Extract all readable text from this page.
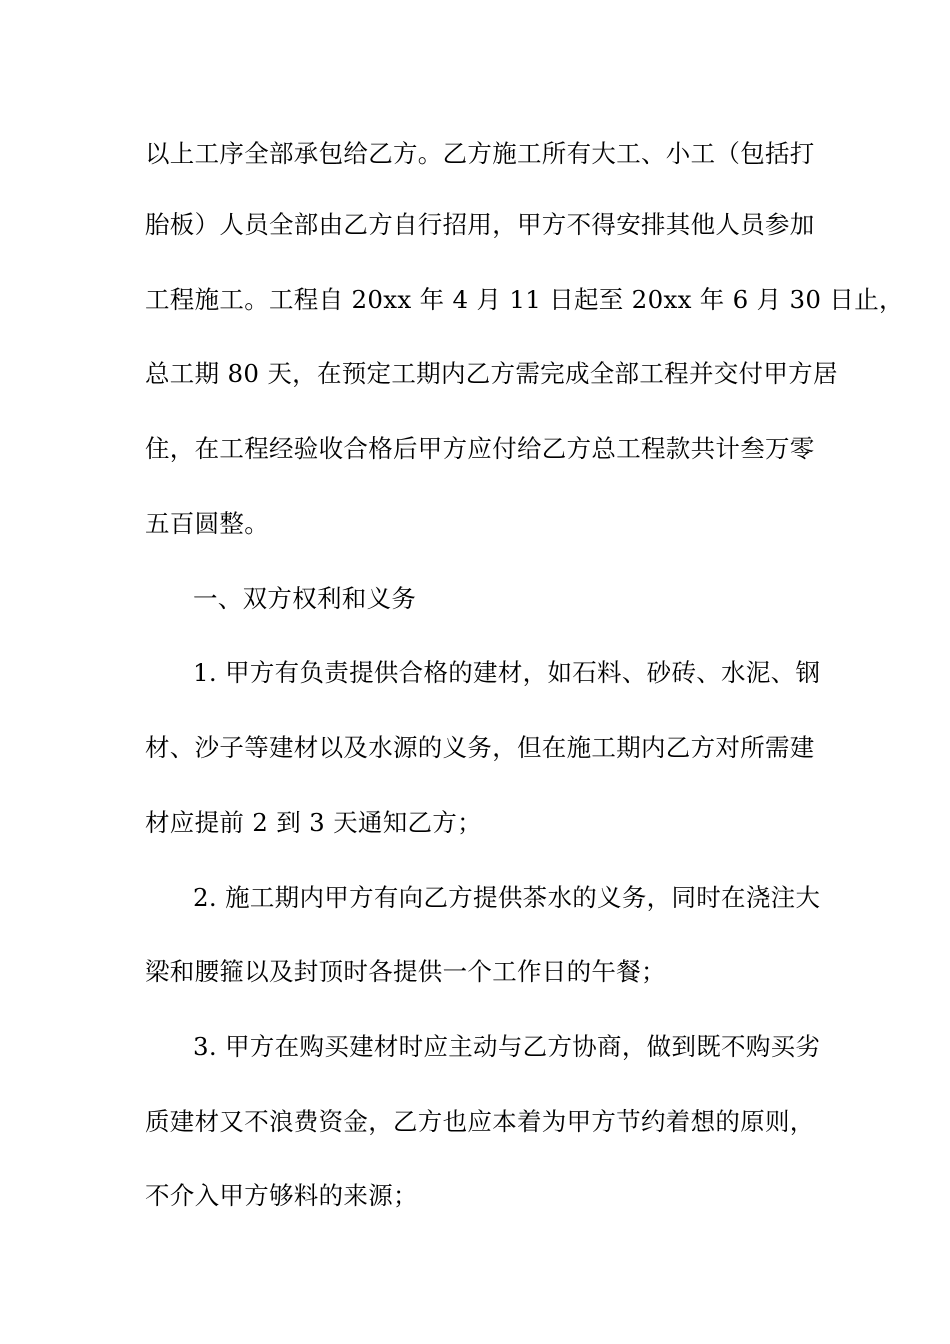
以上工序全部承包给乙方。乙方施工所有大工、小工（包括打
胎板）人员全部由乙方自行招用，甲方不得安排其他人员参加
工程施工。工程自 20xx 年 4 月 11 日起至 20xx 年 6 月 30 日止，
总工期 80 天，在预定工期内乙方需完成全部工程并交付甲方居
住，在工程经验收合格后甲方应付给乙方总工程款共计叁万零
五百圆整。
一、双方权利和义务
1. 甲方有负责提供合格的建材，如石料、砂砖、水泥、钢
材、沙子等建材以及水源的义务，但在施工期内乙方对所需建
材应提前 2 到 3 天通知乙方；
2. 施工期内甲方有向乙方提供茶水的义务，同时在浇注大
梁和腰箍以及封顶时各提供一个工作日的午餐；
3. 甲方在购买建材时应主动与乙方协商，做到既不购买劣
质建材又不浪费资金，乙方也应本着为甲方节约着想的原则，
不介入甲方够料的来源；
